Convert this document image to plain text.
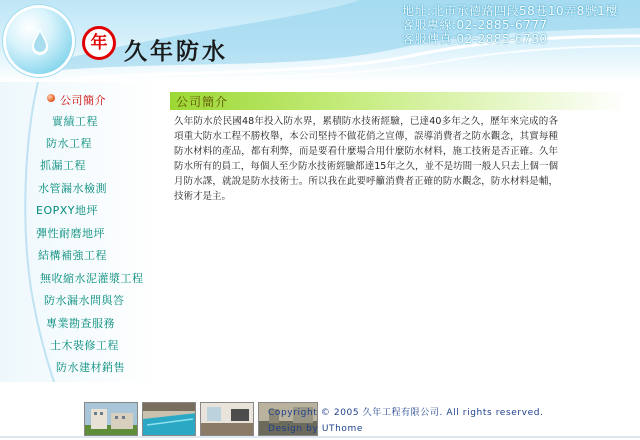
年 久年防水
地址:北市承德路四段58巷10弄8號1樓
客服專線:02-2885-6777
客服傳真:02-2885-6780
公司簡介
實績工程
防水工程
抓漏工程
水管漏水檢測
EOPXY地坪
彈性耐磨地坪
結構補強工程
無收縮水泥灌漿工程
防水漏水問與答
專業勘查服務
土木裝修工程
防水建材銷售
公司簡介
久年防水於民國48年投入防水界，累積防水技術經驗，已達40多年之久，歷年來完成的各項重大防水工程不勝枚舉，本公司堅持不做花俏之宣傳，誤導消費者之防水觀念，其實每種防水材料的產品，都有利弊，而是要看什麼場合用什麼防水材料，施工技術是否正確。久年防水所有的員工，每個人至少防水技術經驗都達15年之久，並不是坊間一般人只去上個一個月防水課，就說是防水技術士。所以我在此要呼籲消費者正確的防水觀念，防水材料是輔，技術才是主。
Copyright © 2005 久年工程有限公司. All rights reserved.
Design by UThome
